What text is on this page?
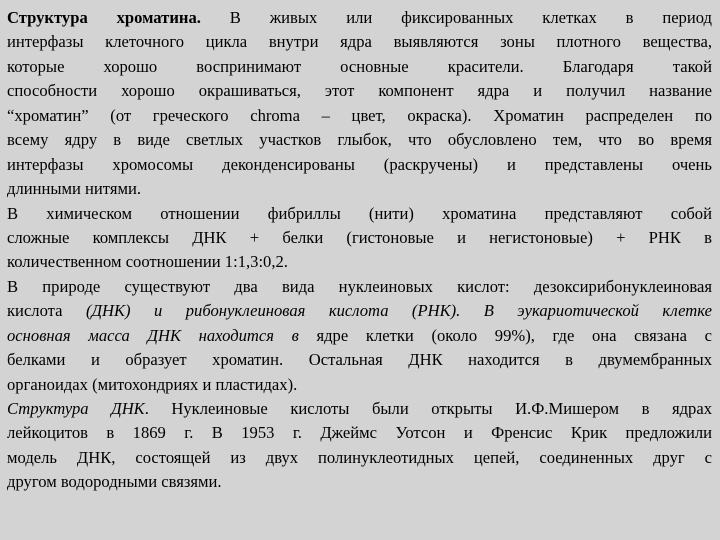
Структура хроматина. В живых или фиксированных клетках в период
интерфазы клеточного цикла внутри ядра выявляются зоны плотного вещества,
которые хорошо воспринимают основные красители. Благодаря такой
способности хорошо окрашиваться, этот компонент ядра и получил название
“хроматин” (от греческого chroma – цвет, окраска). Хроматин распределен по
всему ядру в виде светлых участков глыбок, что обусловлено тем, что во время
интерфазы хромосомы деконденсированы (раскручены) и представлены очень
длинными нитями.
В химическом отношении фибриллы (нити) хроматина представляют собой
сложные комплексы ДНК + белки (гистоновые и негистоновые) + РНК в
количественном соотношении 1:1,3:0,2.
В природе существуют два вида нуклеиновых кислот: дезоксирибонуклеиновая
кислота (ДНК) и рибонуклеиновая кислота (РНК). В эукариотической клетке
основная масса ДНК находится в ядре клетки (около 99%), где она связана с
белками и образует хроматин. Остальная ДНК находится в двумембранных
органоидах (митохондриях и пластидах).
Структура ДНК. Нуклеиновые кислоты были открыты И.Ф.Мишером в ядрах
лейкоцитов в 1869 г. В 1953 г. Джеймс Уотсон и Френсис Крик предложили
модель ДНК, состоящей из двух полинуклеотидных цепей, соединенных друг с
другом водородными связями.
